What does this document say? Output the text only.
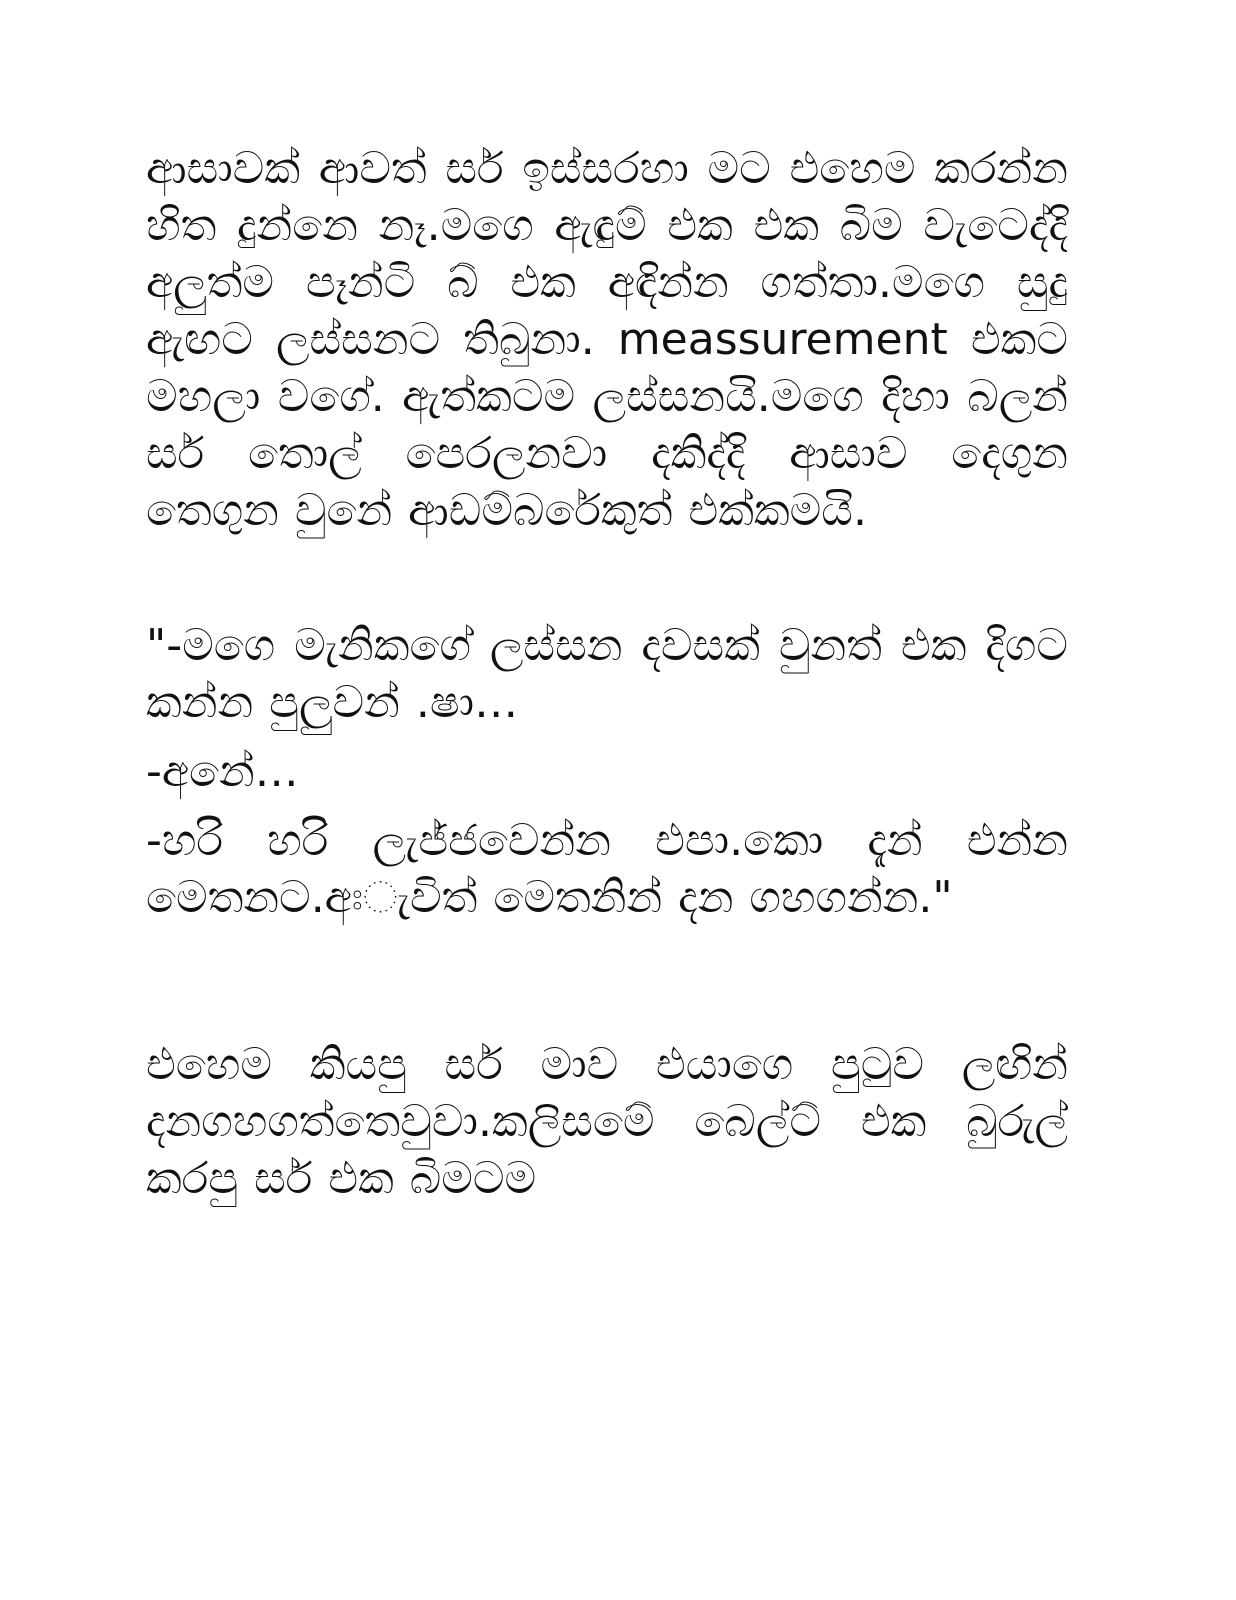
ආසාවක් ආවත් සර් ඉස්සරහා මට එහෙම කරන්න හිත දුන්නෙ නෑ.මගෙ ඇඳුම් එක එක බිම වැටෙද්දි අලුත්ම පෑන්ටි බ් එක අඳින්න ගත්තා.මගෙ සුදු ඇඟට ලස්සනට තිබුනා. meassurement එකට මහලා වගේ. ඇත්කටම ලස්සනයි.මගෙ දිහා බලන් සර් තොල් පෙරලනවා දකිද්දි ආසාව දෙගුන තෙගුන වුනේ ආඩම්බරේකුත් එක්කමයි.

"-මගෙ මැනිකගේ ලස්සන දවසක් වුනත් එක දිගට කන්න පුලුවන් .ෂා…

-අනේ…

-හරි හරි ලැජ්ජවෙන්න එපා.කො දැන් එන්න මෙතනට.අඃැවිත් මෙතනින් දන ගහගන්න."

එහෙම කියපු සර් මාව එයාගෙ පුටුව ලඟින් දනගහගත්තෙවුවා.කලිසමේ බෙල්ට් එක බුරුල් කරපු සර් එක බිමටම
